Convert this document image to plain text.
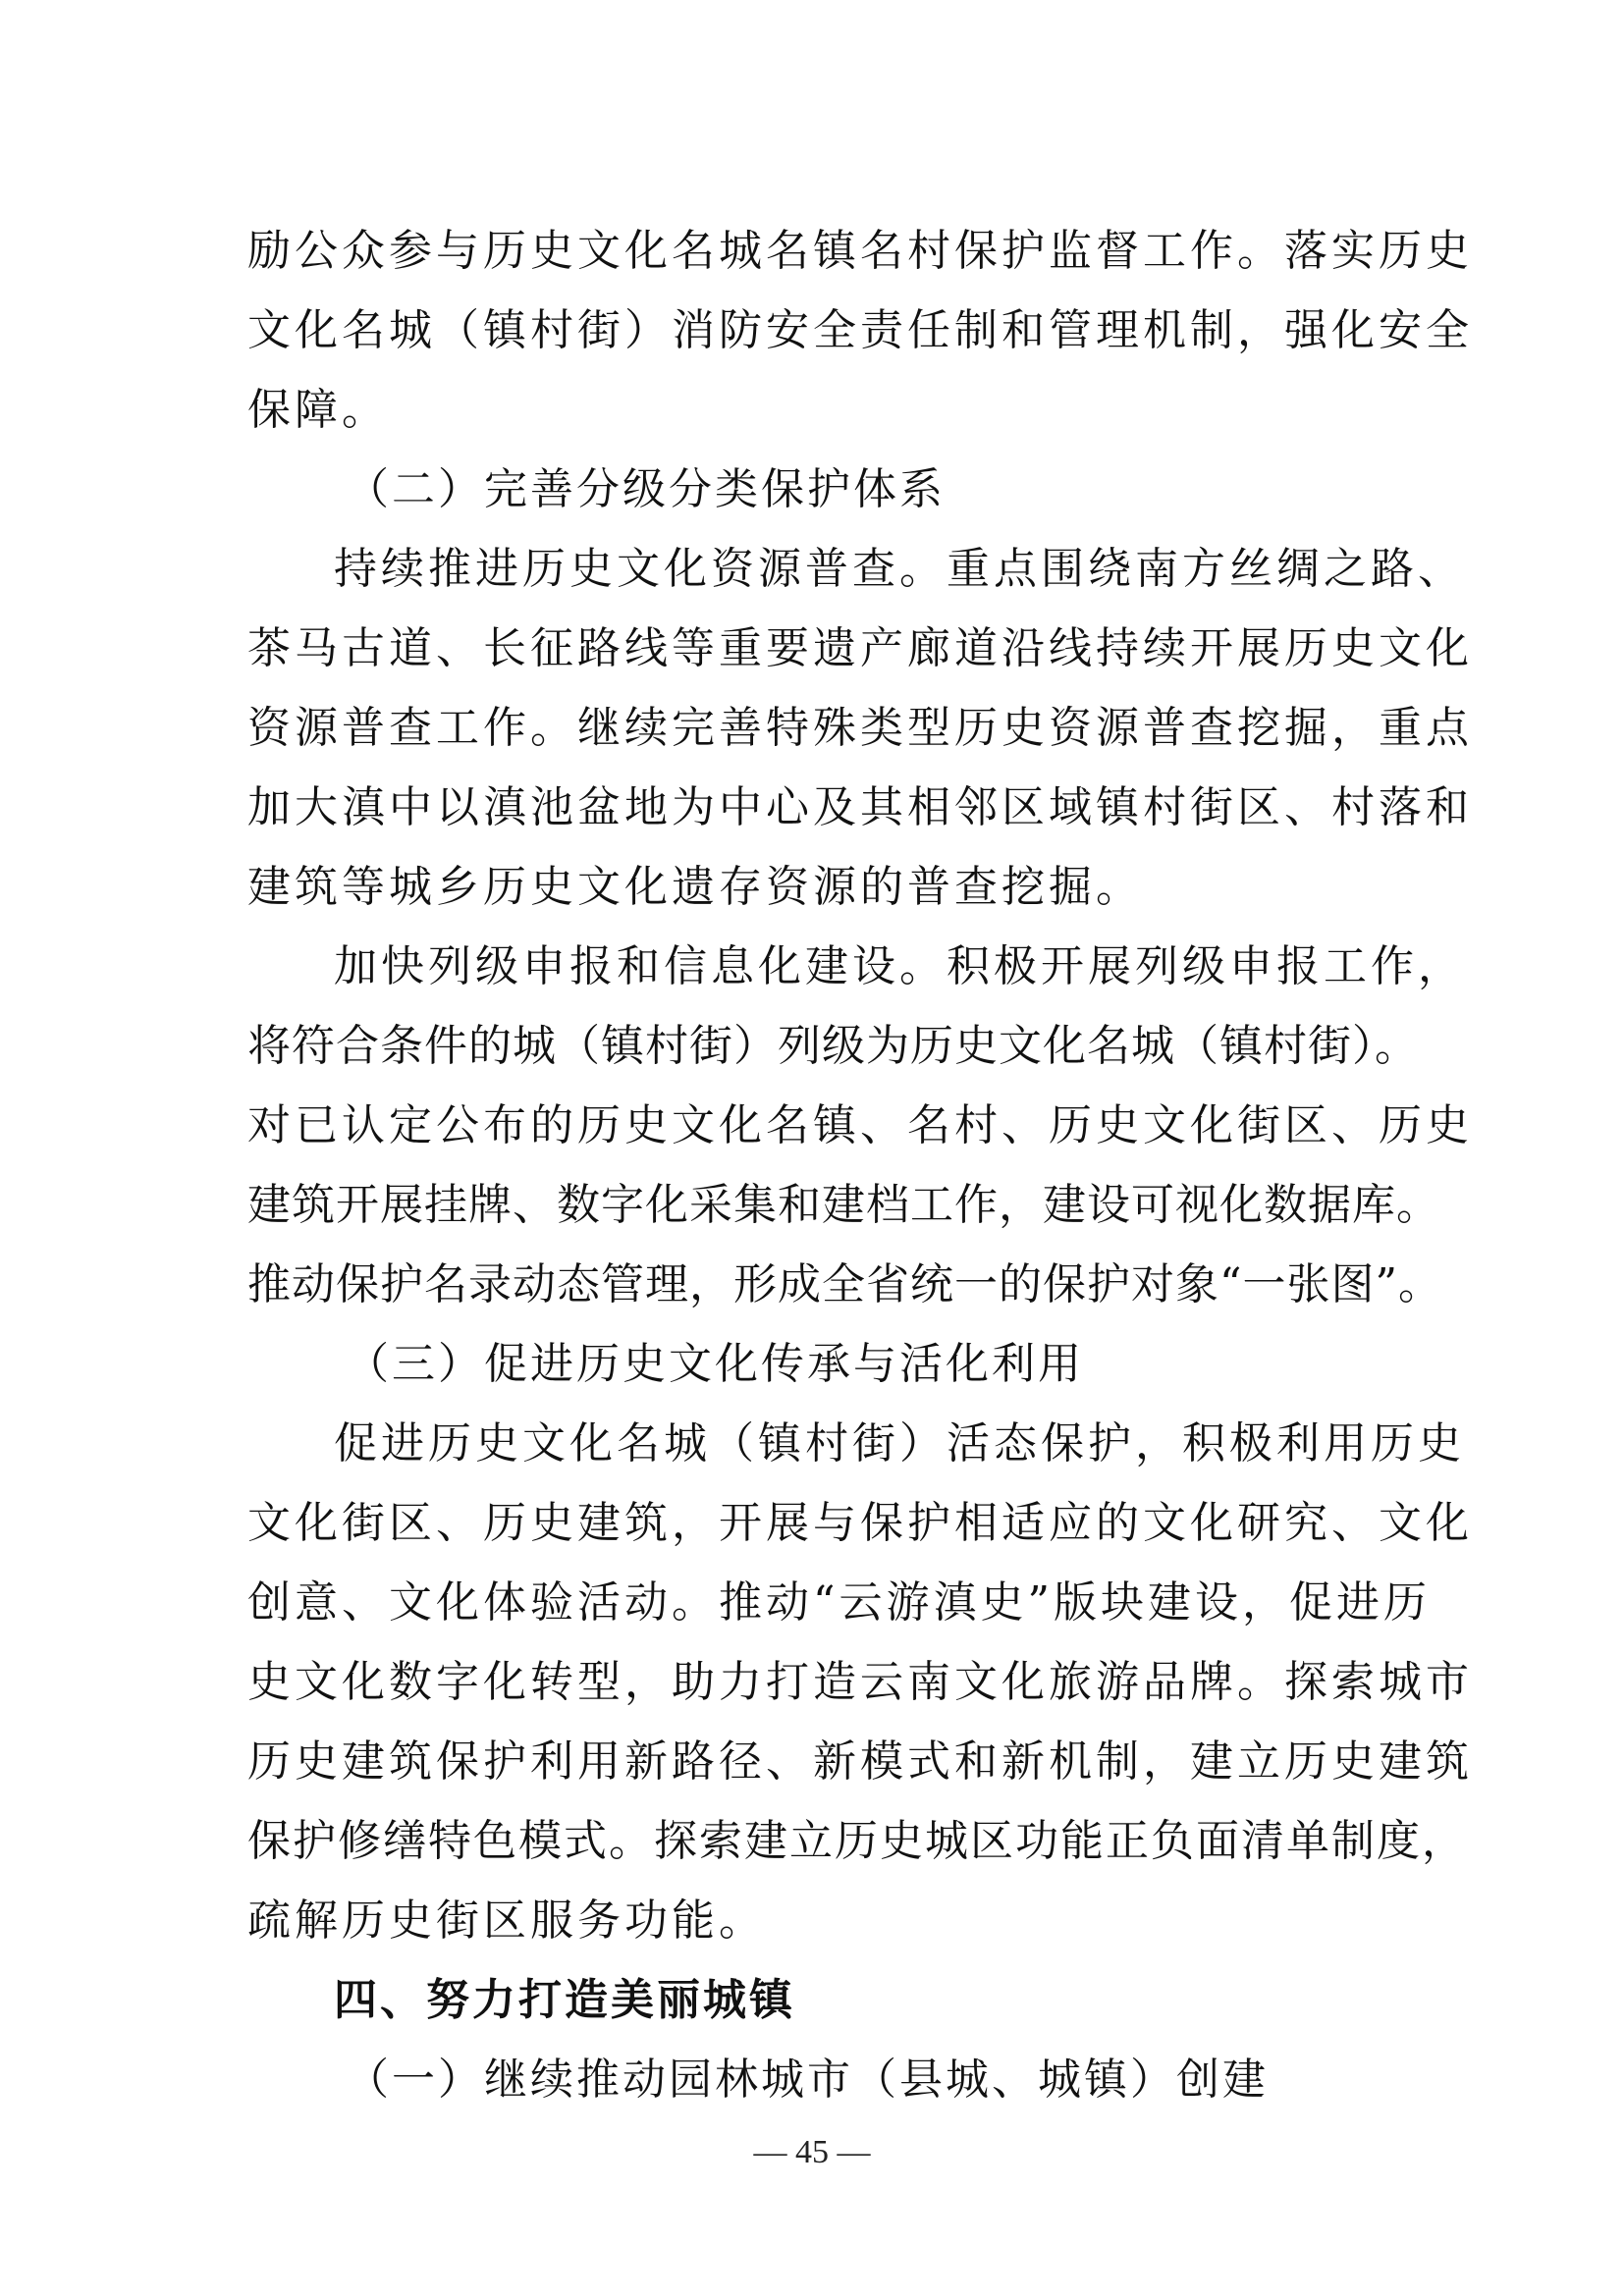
励公众参与历史文化名城名镇名村保护监督工作。落实历史
文化名城（镇村街）消防安全责任制和管理机制，强化安全
保障。
（二）完善分级分类保护体系
持续推进历史文化资源普查。重点围绕南方丝绸之路、
茶马古道、长征路线等重要遗产廊道沿线持续开展历史文化
资源普查工作。继续完善特殊类型历史资源普查挖掘，重点
加大滇中以滇池盆地为中心及其相邻区域镇村街区、村落和
建筑等城乡历史文化遗存资源的普查挖掘。
加快列级申报和信息化建设。积极开展列级申报工作，
将符合条件的城（镇村街）列级为历史文化名城（镇村街）。
对已认定公布的历史文化名镇、名村、历史文化街区、历史
建筑开展挂牌、数字化采集和建档工作，建设可视化数据库。
推动保护名录动态管理，形成全省统一的保护对象“一张图”。
（三）促进历史文化传承与活化利用
促进历史文化名城（镇村街）活态保护，积极利用历史
文化街区、历史建筑，开展与保护相适应的文化研究、文化
创意、文化体验活动。推动“云游滇史”版块建设，促进历
史文化数字化转型，助力打造云南文化旅游品牌。探索城市
历史建筑保护利用新路径、新模式和新机制，建立历史建筑
保护修缮特色模式。探索建立历史城区功能正负面清单制度，
疏解历史街区服务功能。
四、努力打造美丽城镇
（一）继续推动园林城市（县城、城镇）创建
— 45 —
